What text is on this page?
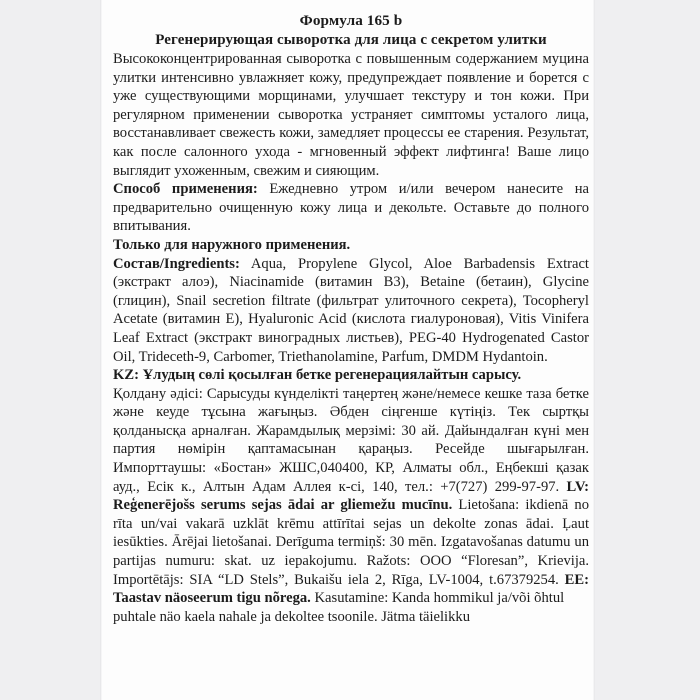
Формула 165 b
Регенерирующая сыворотка для лица с секретом улитки

Высококонцентрированная сыворотка с повышенным содержанием муцина улитки интенсивно увлажняет кожу, предупреждает появление и борется с уже существующими морщинами, улучшает текстуру и тон кожи. При регулярном применении сыворотка устраняет симптомы усталого лица, восстанавливает свежесть кожи, замедляет процессы ее старения. Результат, как после салонного ухода - мгновенный эффект лифтинга! Ваше лицо выглядит ухоженным, свежим и сияющим.

Способ применения: Ежедневно утром и/или вечером нанесите на предварительно очищенную кожу лица и декольте. Оставьте до полного впитывания.

Только для наружного применения.

Состав/Ingredients: Aqua, Propylene Glycol, Aloe Barbadensis Extract (экстракт алоэ), Niacinamide (витамин В3), Betaine (бетаин), Glycine (глицин), Snail secretion filtrate (фильтрат улиточного секрета), Tocopheryl Acetate (витамин Е), Hyaluronic Acid (кислота гиалуроновая), Vitis Vinifera Leaf Extract (экстракт виноградных листьев), PEG-40 Hydrogenated Castor Oil, Trideceth-9, Carbomer, Triethanolamine, Parfum, DMDM Hydantoin.

KZ: Ұлудың сөлі қосылған бетке регенерациялайтын сарысу.

Қолдану әдісі: Сарысуды күнделікті таңертең және/немесе кешке таза бетке және кеуде тұсына жағыңыз. Әбден сіңгенше күтіңіз. Тек сыртқы қолданысқа арналған. Жарамдылық мерзімі: 30 ай. Дайындалған күні мен партия нөмірін қаптамасынан қараңыз. Ресейде шығарылған. Импорттаушы: «Бостан» ЖШС,040400, КР, Алматы обл., Еңбекші қазак ауд., Есік к., Алтын Адам Аллея к-сі, 140, тел.: +7(727) 299-97-97. LV: Reģenerējošs serums sejas ādai ar gliemežu mucīnu. Lietošana: ikdienā no rīta un/vai vakarā uzklāt krēmu attīrītai sejas un dekolte zonas ādai. Ļaut iesūkties. Ārējai lietošanai. Derīguma termiņš: 30 mēn. Izgatavošanas datumu un partijas numuru: skat. uz iepakojumu. Ražots: OOO “Floresan”, Krievija. Importētājs: SIA “LD Stels”, Bukaišu iela 2, Rīga, LV-1004, t.67379254. EE: Taastav näoseerum tigu nõrega. Kasutamine: Kanda hommikul ja/või õhtul

puhtale näo kaela nahale ja dekoltee tsoonile. Jätma täielikku
